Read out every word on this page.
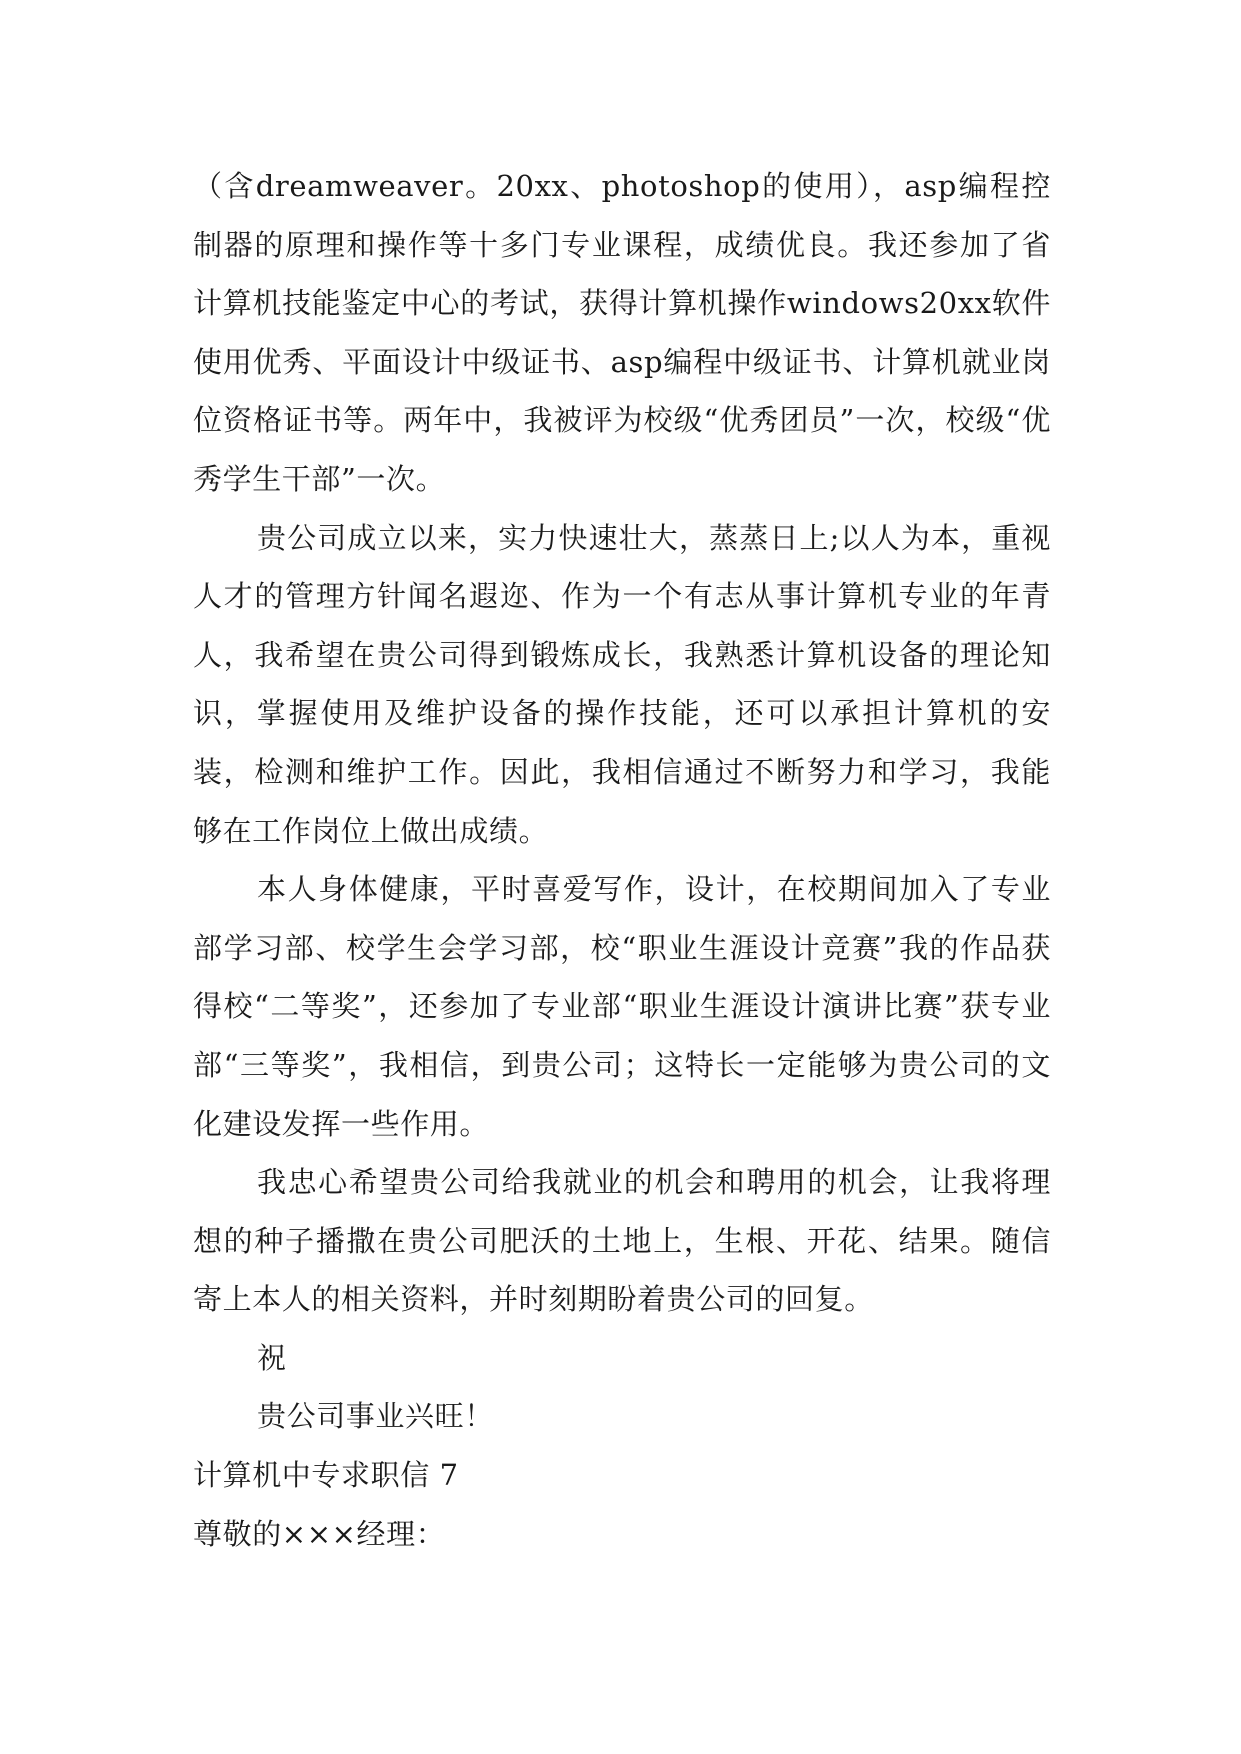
（含dreamweaver。20xx、photoshop的使用），asp编程控制器的原理和操作等十多门专业课程，成绩优良。我还参加了省计算机技能鉴定中心的考试，获得计算机操作windows20xx软件使用优秀、平面设计中级证书、asp编程中级证书、计算机就业岗位资格证书等。两年中，我被评为校级“优秀团员”一次，校级“优秀学生干部”一次。

贵公司成立以来，实力快速壮大，蒸蒸日上;以人为本，重视人才的管理方针闻名遐迩、作为一个有志从事计算机专业的年青人，我希望在贵公司得到锻炼成长，我熟悉计算机设备的理论知识，掌握使用及维护设备的操作技能，还可以承担计算机的安装，检测和维护工作。因此，我相信通过不断努力和学习，我能够在工作岗位上做出成绩。

本人身体健康，平时喜爱写作，设计，在校期间加入了专业部学习部、校学生会学习部，校“职业生涯设计竞赛”我的作品获得校“二等奖”，还参加了专业部“职业生涯设计演讲比赛”获专业部“三等奖”，我相信，到贵公司；这特长一定能够为贵公司的文化建设发挥一些作用。

我忠心希望贵公司给我就业的机会和聘用的机会，让我将理想的种子播撒在贵公司肥沃的土地上，生根、开花、结果。随信寄上本人的相关资料，并时刻期盼着贵公司的回复。

祝

贵公司事业兴旺！

计算机中专求职信 7

尊敬的×××经理：
